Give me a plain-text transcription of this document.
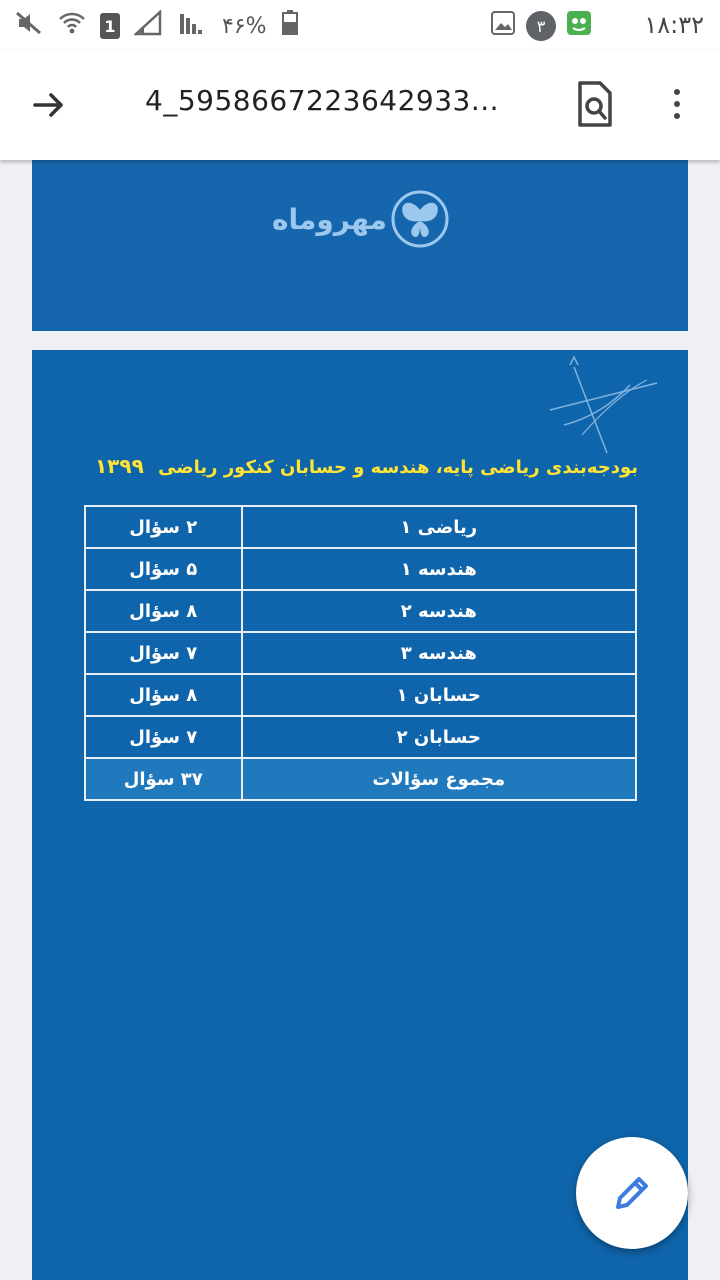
1	۴۶%	۳	۱۸:۳۲
4_5958667223642933...
مهروماه
بودجه‌بندی ریاضی پایه، هندسه و حسابان کنکور ریاضی ۱۳۹۹
ریاضی ۱	۲ سؤال
هندسه ۱	۵ سؤال
هندسه ۲	۸ سؤال
هندسه ۳	۷ سؤال
حسابان ۱	۸ سؤال
حسابان ۲	۷ سؤال
مجموع سؤالات	۳۷ سؤال
